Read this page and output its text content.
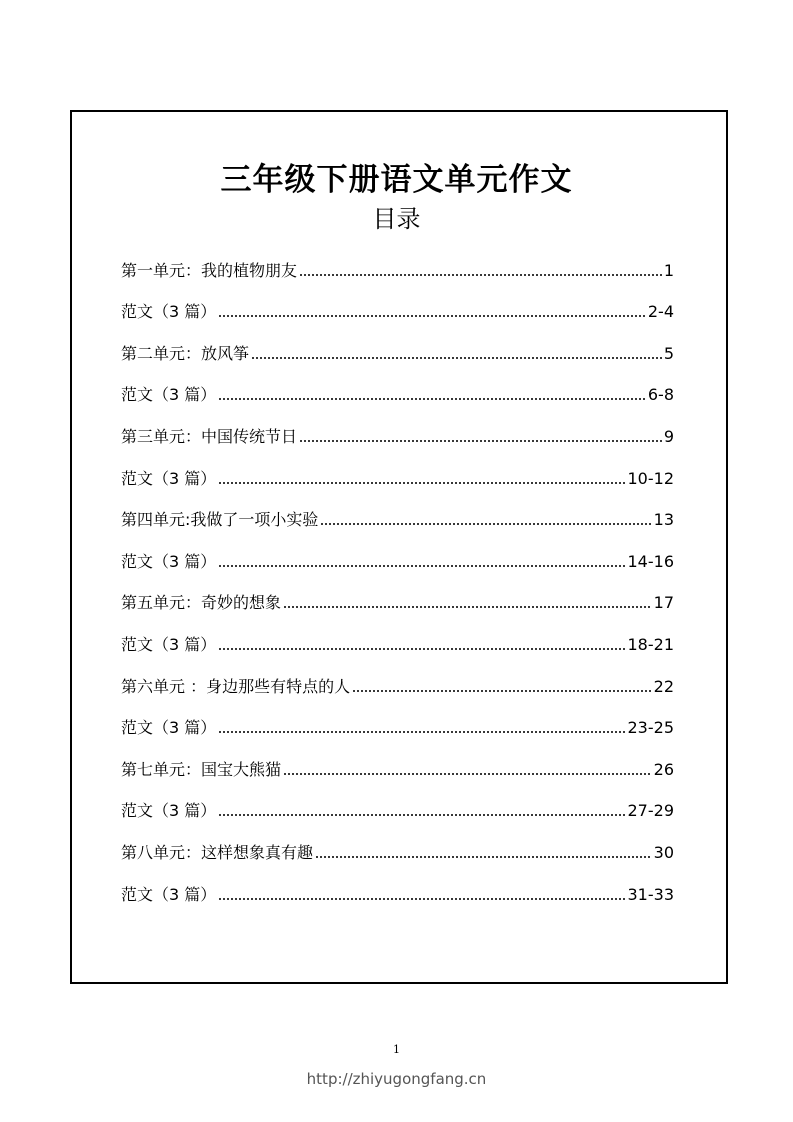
三年级下册语文单元作文
目录
第一单元：我的植物朋友	1
范文（3 篇）	2-4
第二单元：放风筝	5
范文（3 篇）	6-8
第三单元：中国传统节日	9
范文（3 篇）	10-12
第四单元:我做了一项小实验	13
范文（3 篇）	14-16
第五单元：奇妙的想象	17
范文（3 篇）	18-21
第六单元 ：身边那些有特点的人	22
范文（3 篇）	23-25
第七单元：国宝大熊猫	26
范文（3 篇）	27-29
第八单元：这样想象真有趣	30
范文（3 篇）	31-33
1
http://zhiyugongfang.cn
